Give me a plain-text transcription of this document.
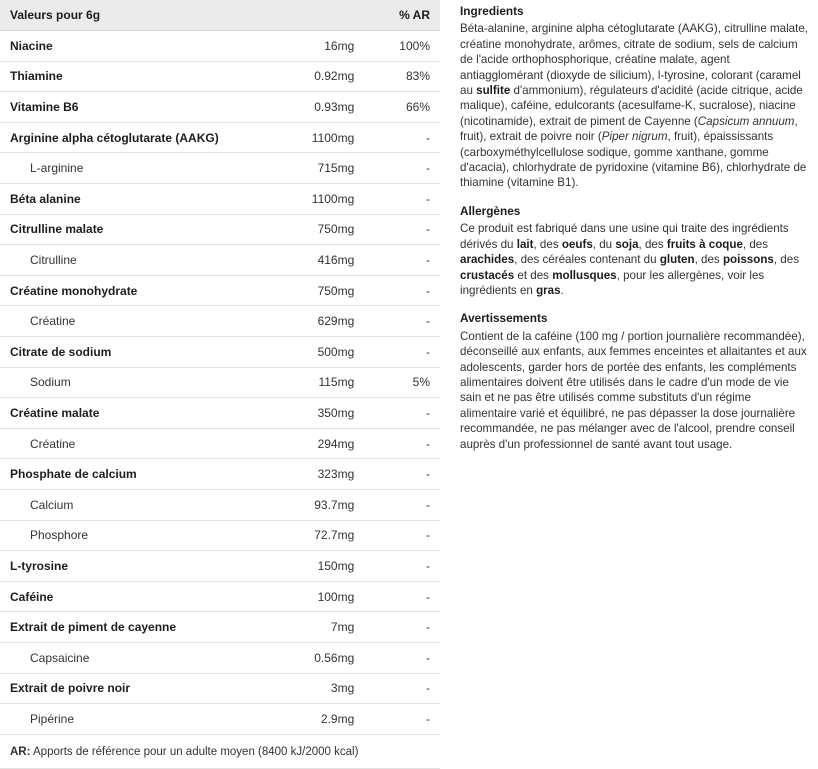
Valeurs pour 6g		% AR
Niacine	16mg	100%
Thiamine	0.92mg	83%
Vitamine B6	0.93mg	66%
Arginine alpha cétoglutarate (AAKG)	1100mg	-
L-arginine	715mg	-
Béta alanine	1100mg	-
Citrulline malate	750mg	-
Citrulline	416mg	-
Créatine monohydrate	750mg	-
Créatine	629mg	-
Citrate de sodium	500mg	-
Sodium	115mg	5%
Créatine malate	350mg	-
Créatine	294mg	-
Phosphate de calcium	323mg	-
Calcium	93.7mg	-
Phosphore	72.7mg	-
L-tyrosine	150mg	-
Caféine	100mg	-
Extrait de piment de cayenne	7mg	-
Capsaicine	0.56mg	-
Extrait de poivre noir	3mg	-
Pipérine	2.9mg	-
AR: Apports de référence pour un adulte moyen (8400 kJ/2000 kcal)
Ingredients

Béta-alanine, arginine alpha cétoglutarate (AAKG), citrulline malate, créatine monohydrate, arômes, citrate de sodium, sels de calcium de l'acide orthophosphorique, créatine malate, agent antiagglomérant (dioxyde de silicium), l-tyrosine, colorant (caramel au sulfite d'ammonium), régulateurs d'acidité (acide citrique, acide malique), caféine, edulcorants (acesulfame-K, sucralose), niacine (nicotinamide), extrait de piment de Cayenne (Capsicum annuum, fruit), extrait de poivre noir (Piper nigrum, fruit), épaississants (carboxyméthylcellulose sodique, gomme xanthane, gomme d'acacia), chlorhydrate de pyridoxine (vitamine B6), chlorhydrate de thiamine (vitamine B1).

Allergènes

Ce produit est fabriqué dans une usine qui traite des ingrédients dérivés du lait, des oeufs, du soja, des fruits à coque, des arachides, des céréales contenant du gluten, des poissons, des crustacés et des mollusques, pour les allergènes, voir les ingrédients en gras.

Avertissements

Contient de la caféine (100 mg / portion journalière recommandée), déconseillé aux enfants, aux femmes enceintes et allaitantes et aux adolescents, garder hors de portée des enfants, les compléments alimentaires doivent être utilisés dans le cadre d'un mode de vie sain et ne pas être utilisés comme substituts d'un régime alimentaire varié et équilibré, ne pas dépasser la dose journalière recommandée, ne pas mélanger avec de l'alcool, prendre conseil auprès d'un professionnel de santé avant tout usage.
